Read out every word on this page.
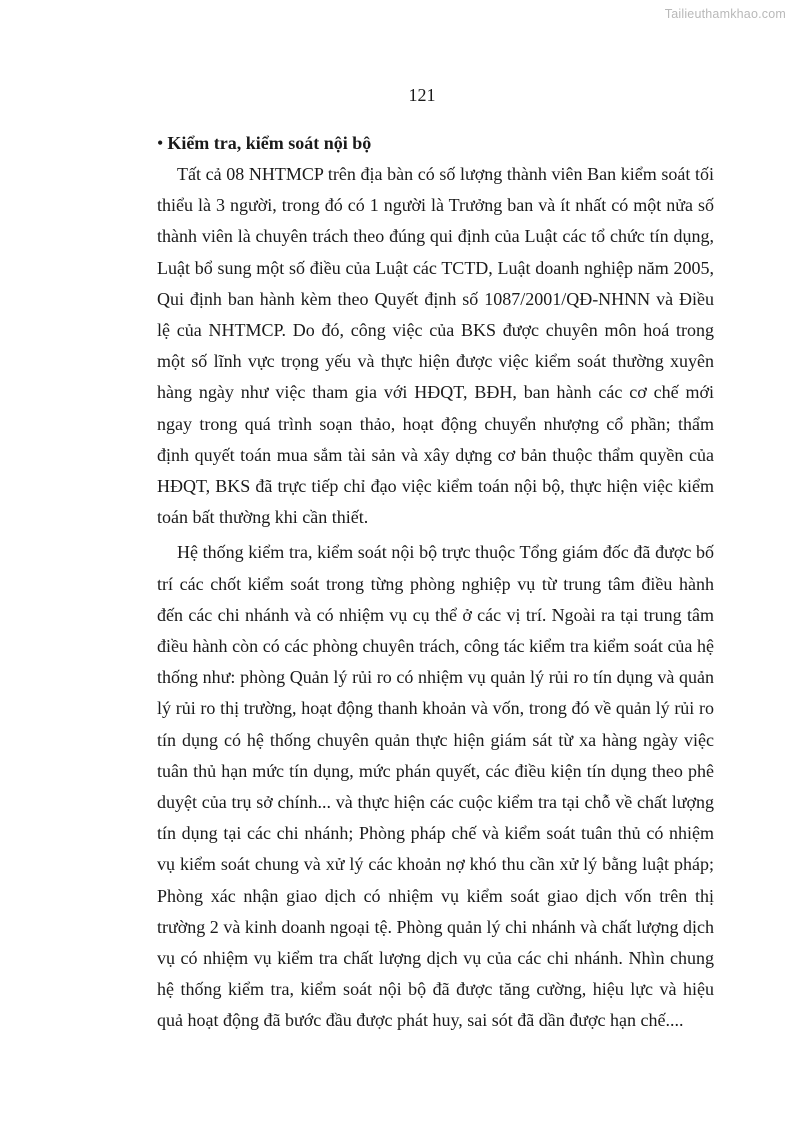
Tailieuthamkhao.com
121

• Kiểm tra, kiểm soát nội bộ

Tất cả 08 NHTMCP trên địa bàn có số lượng thành viên Ban kiểm soát tối thiểu là 3 người, trong đó có 1 người là Trưởng ban và ít nhất có một nửa số thành viên là chuyên trách theo đúng qui định của Luật các tổ chức tín dụng, Luật bổ sung một số điều của Luật các TCTD, Luật doanh nghiệp năm 2005, Qui định ban hành kèm theo Quyết định số 1087/2001/QĐ-NHNN và Điều lệ của NHTMCP. Do đó, công việc của BKS được chuyên môn hoá trong một số lĩnh vực trọng yếu và thực hiện được việc kiểm soát thường xuyên hàng ngày như việc tham gia với HĐQT, BĐH, ban hành các cơ chế mới ngay trong quá trình soạn thảo, hoạt động chuyển nhượng cổ phần; thẩm định quyết toán mua sắm tài sản và xây dựng cơ bản thuộc thẩm quyền của HĐQT, BKS đã trực tiếp chỉ đạo việc kiểm toán nội bộ, thực hiện việc kiểm toán bất thường khi cần thiết.

Hệ thống kiểm tra, kiểm soát nội bộ trực thuộc Tổng giám đốc đã được bố trí các chốt kiểm soát trong từng phòng nghiệp vụ từ trung tâm điều hành đến các chi nhánh và có nhiệm vụ cụ thể ở các vị trí. Ngoài ra tại trung tâm điều hành còn có các phòng chuyên trách, công tác kiểm tra kiểm soát của hệ thống như: phòng Quản lý rủi ro có nhiệm vụ quản lý rủi ro tín dụng và quản lý rủi ro thị trường, hoạt động thanh khoản và vốn, trong đó về quản lý rủi ro tín dụng có hệ thống chuyên quản thực hiện giám sát từ xa hàng ngày việc tuân thủ hạn mức tín dụng, mức phán quyết, các điều kiện tín dụng theo phê duyệt của trụ sở chính... và thực hiện các cuộc kiểm tra tại chỗ về chất lượng tín dụng tại các chi nhánh; Phòng pháp chế và kiểm soát tuân thủ có nhiệm vụ kiểm soát chung và xử lý các khoản nợ khó thu cần xử lý bằng luật pháp; Phòng xác nhận giao dịch có nhiệm vụ kiểm soát giao dịch vốn trên thị trường 2 và kinh doanh ngoại tệ. Phòng quản lý chi nhánh và chất lượng dịch vụ có nhiệm vụ kiểm tra chất lượng dịch vụ của các chi nhánh. Nhìn chung hệ thống kiểm tra, kiểm soát nội bộ đã được tăng cường, hiệu lực và hiệu quả hoạt động đã bước đầu được phát huy, sai sót đã dần được hạn chế....
